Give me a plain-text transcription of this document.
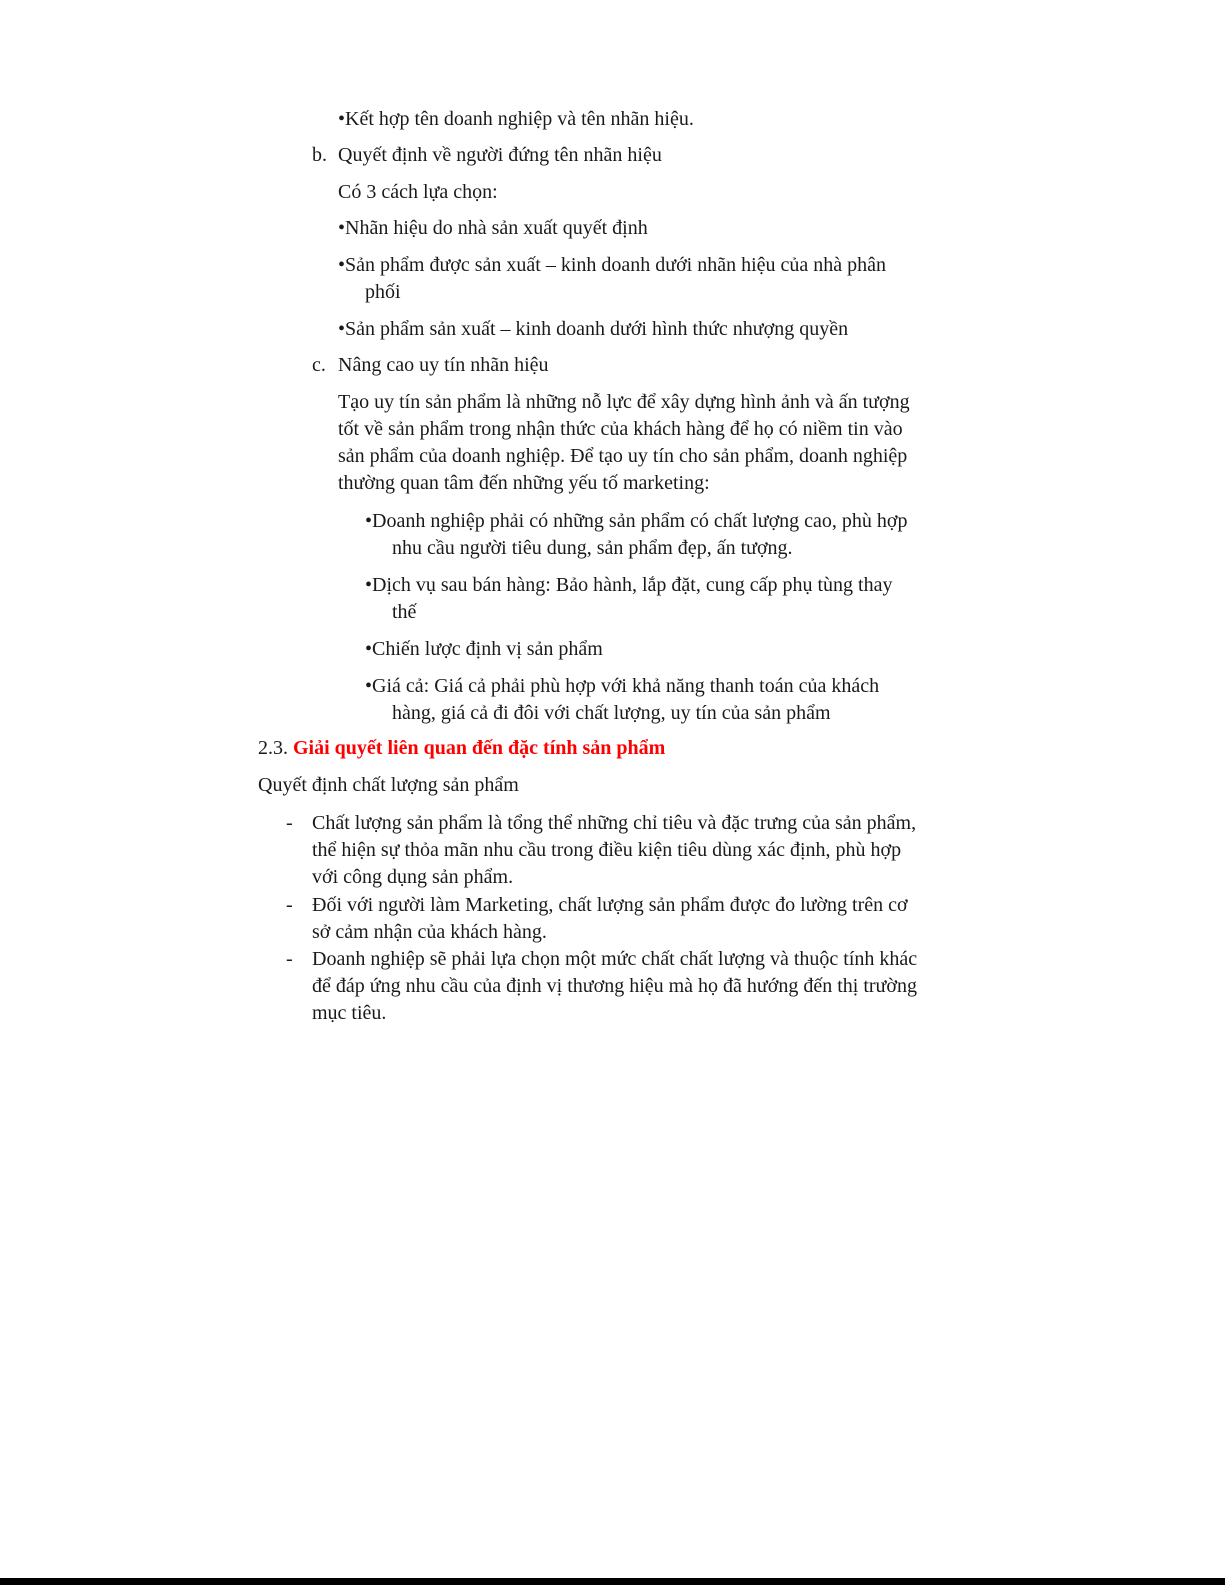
• Kết hợp tên doanh nghiệp và tên nhãn hiệu.
b. Quyết định về người đứng tên nhãn hiệu
Có 3 cách lựa chọn:
• Nhãn hiệu do nhà sản xuất quyết định
• Sản phẩm được sản xuất – kinh doanh dưới nhãn hiệu của nhà phân
phối
• Sản phẩm sản xuất – kinh doanh dưới hình thức nhượng quyền
c. Nâng cao uy tín nhãn hiệu
Tạo uy tín sản phẩm là những nỗ lực để xây dựng hình ảnh và ấn tượng
tốt về sản phẩm trong nhận thức của khách hàng để họ có niềm tin vào
sản phẩm của doanh nghiệp. Để tạo uy tín cho sản phẩm, doanh nghiệp
thường quan tâm đến những yếu tố marketing:
• Doanh nghiệp phải có những sản phẩm có chất lượng cao, phù hợp
nhu cầu người tiêu dung, sản phẩm đẹp, ấn tượng.
• Dịch vụ sau bán hàng: Bảo hành, lắp đặt, cung cấp phụ tùng thay
thế
• Chiến lược định vị sản phẩm
• Giá cả: Giá cả phải phù hợp với khả năng thanh toán của khách
hàng, giá cả đi đôi với chất lượng, uy tín của sản phẩm
2.3. Giải quyết liên quan đến đặc tính sản phẩm
Quyết định chất lượng sản phẩm
- Chất lượng sản phẩm là tổng thể những chỉ tiêu và đặc trưng của sản phẩm,
thể hiện sự thỏa mãn nhu cầu trong điều kiện tiêu dùng xác định, phù hợp
với công dụng sản phẩm.
- Đối với người làm Marketing, chất lượng sản phẩm được đo lường trên cơ
sở cảm nhận của khách hàng.
- Doanh nghiệp sẽ phải lựa chọn một mức chất chất lượng và thuộc tính khác
để đáp ứng nhu cầu của định vị thương hiệu mà họ đã hướng đến thị trường
mục tiêu.
